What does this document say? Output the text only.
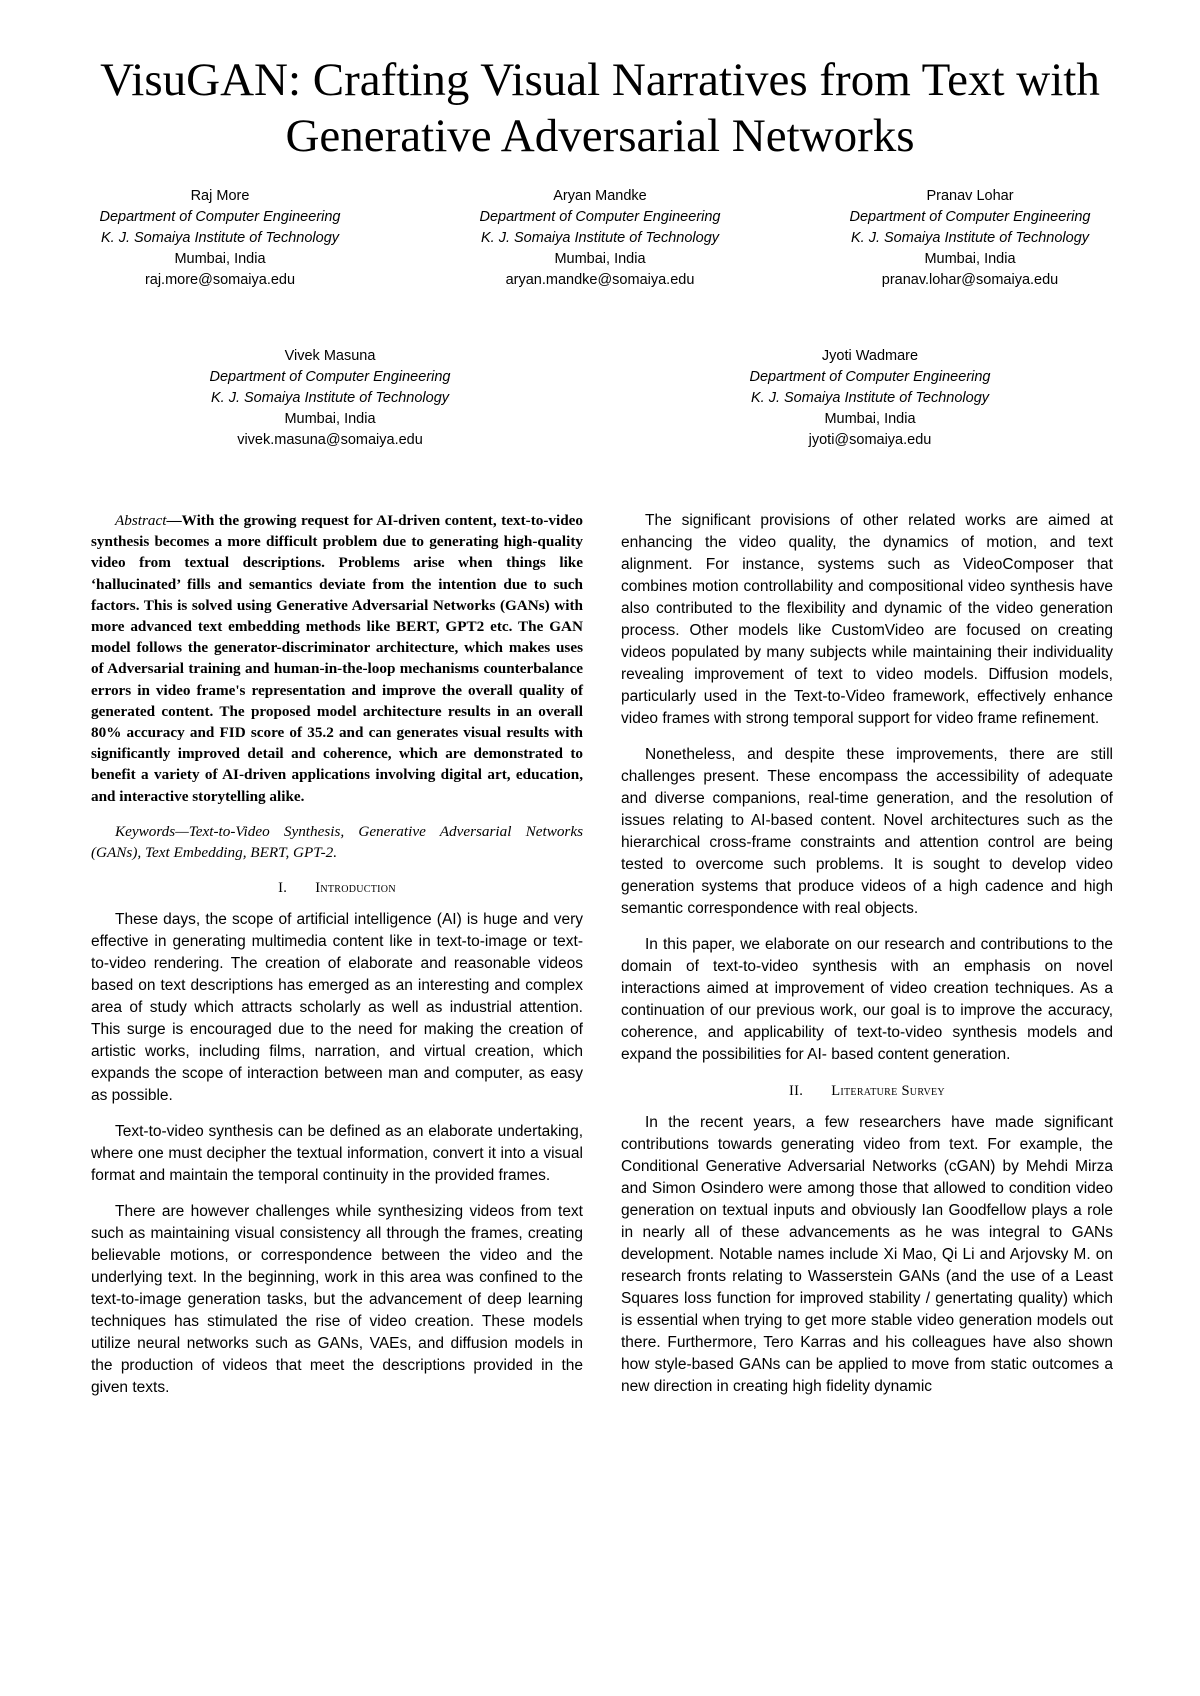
VisuGAN: Crafting Visual Narratives from Text with Generative Adversarial Networks
Raj More
Department of Computer Engineering
K. J. Somaiya Institute of Technology
Mumbai, India
raj.more@somaiya.edu
Aryan Mandke
Department of Computer Engineering
K. J. Somaiya Institute of Technology
Mumbai, India
aryan.mandke@somaiya.edu
Pranav Lohar
Department of Computer Engineering
K. J. Somaiya Institute of Technology
Mumbai, India
pranav.lohar@somaiya.edu
Vivek Masuna
Department of Computer Engineering
K. J. Somaiya Institute of Technology
Mumbai, India
vivek.masuna@somaiya.edu
Jyoti Wadmare
Department of Computer Engineering
K. J. Somaiya Institute of Technology
Mumbai, India
jyoti@somaiya.edu

Abstract—With the growing request for AI-driven content, text-to-video synthesis becomes a more difficult problem due to generating high-quality video from textual descriptions. Problems arise when things like ‘hallucinated’ fills and semantics deviate from the intention due to such factors. This is solved using Generative Adversarial Networks (GANs) with more advanced text embedding methods like BERT, GPT2 etc. The GAN model follows the generator-discriminator architecture, which makes uses of Adversarial training and human-in-the-loop mechanisms counterbalance errors in video frame's representation and improve the overall quality of generated content. The proposed model architecture results in an overall 80% accuracy and FID score of 35.2 and can generates visual results with significantly improved detail and coherence, which are demonstrated to benefit a variety of AI-driven applications involving digital art, education, and interactive storytelling alike.

Keywords—Text-to-Video Synthesis, Generative Adversarial Networks (GANs), Text Embedding, BERT, GPT-2.

I. Introduction

These days, the scope of artificial intelligence (AI) is huge and very effective in generating multimedia content like in text-to-image or text-to-video rendering. The creation of elaborate and reasonable videos based on text descriptions has emerged as an interesting and complex area of study which attracts scholarly as well as industrial attention. This surge is encouraged due to the need for making the creation of artistic works, including films, narration, and virtual creation, which expands the scope of interaction between man and computer, as easy as possible.

Text-to-video synthesis can be defined as an elaborate undertaking, where one must decipher the textual information, convert it into a visual format and maintain the temporal continuity in the provided frames.

There are however challenges while synthesizing videos from text such as maintaining visual consistency all through the frames, creating believable motions, or correspondence between the video and the underlying text. In the beginning, work in this area was confined to the text-to-image generation tasks, but the advancement of deep learning techniques has stimulated the rise of video creation. These models utilize neural networks such as GANs, VAEs, and diffusion models in the production of videos that meet the descriptions provided in the given texts.

The significant provisions of other related works are aimed at enhancing the video quality, the dynamics of motion, and text alignment. For instance, systems such as VideoComposer that combines motion controllability and compositional video synthesis have also contributed to the flexibility and dynamic of the video generation process. Other models like CustomVideo are focused on creating videos populated by many subjects while maintaining their individuality revealing improvement of text to video models. Diffusion models, particularly used in the Text-to-Video framework, effectively enhance video frames with strong temporal support for video frame refinement.

Nonetheless, and despite these improvements, there are still challenges present. These encompass the accessibility of adequate and diverse companions, real-time generation, and the resolution of issues relating to AI-based content. Novel architectures such as the hierarchical cross-frame constraints and attention control are being tested to overcome such problems. It is sought to develop video generation systems that produce videos of a high cadence and high semantic correspondence with real objects.

In this paper, we elaborate on our research and contributions to the domain of text-to-video synthesis with an emphasis on novel interactions aimed at improvement of video creation techniques. As a continuation of our previous work, our goal is to improve the accuracy, coherence, and applicability of text-to-video synthesis models and expand the possibilities for AI- based content generation.

II. Literature Survey

In the recent years, a few researchers have made significant contributions towards generating video from text. For example, the Conditional Generative Adversarial Networks (cGAN) by Mehdi Mirza and Simon Osindero were among those that allowed to condition video generation on textual inputs and obviously Ian Goodfellow plays a role in nearly all of these advancements as he was integral to GANs development. Notable names include Xi Mao, Qi Li and Arjovsky M. on research fronts relating to Wasserstein GANs (and the use of a Least Squares loss function for improved stability / genertating quality) which is essential when trying to get more stable video generation models out there. Furthermore, Tero Karras and his colleagues have also shown how style-based GANs can be applied to move from static outcomes a new direction in creating high fidelity dynamic
